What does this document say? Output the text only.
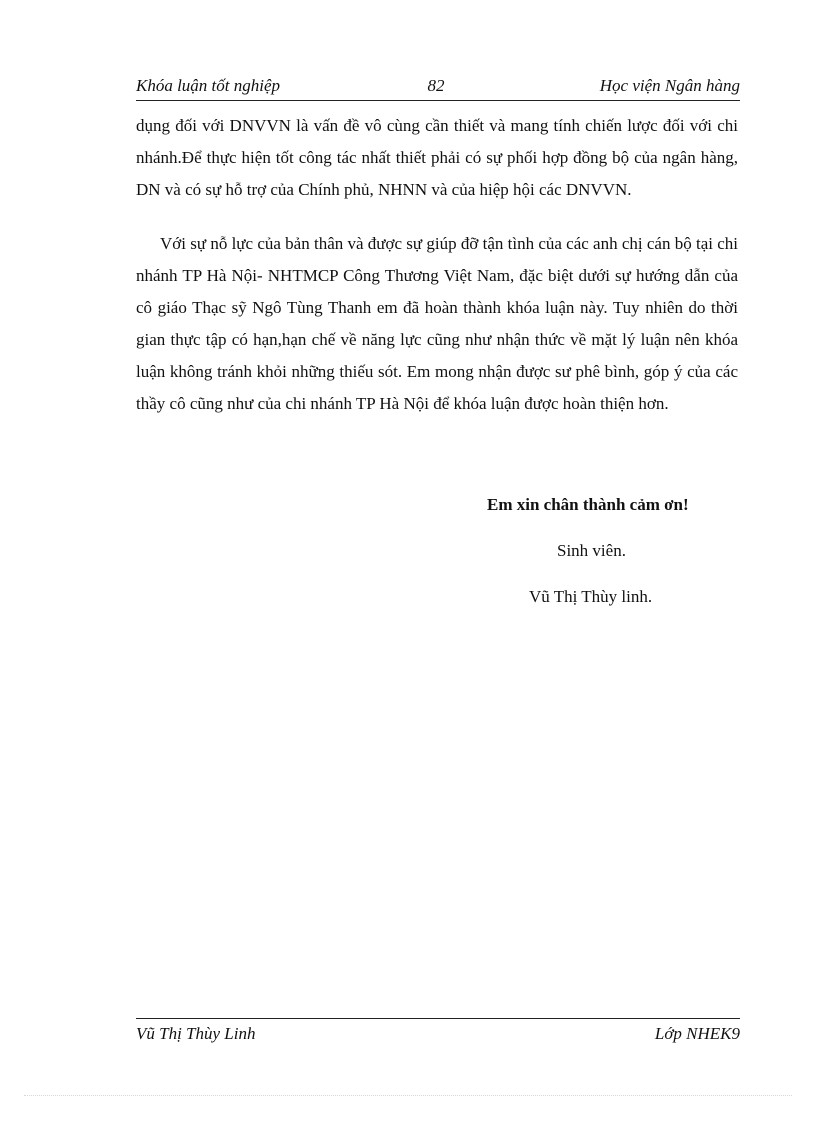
Khóa luận tốt nghiệp	82	Học viện Ngân hàng

dụng đối với DNVVN là vấn đề vô cùng cần thiết và mang tính chiến lược đối với chi nhánh.Để thực hiện tốt công tác nhất thiết phải có sự phối hợp đồng bộ của ngân hàng, DN và có sự hỗ trợ của Chính phủ, NHNN và của hiệp hội các DNVVN.

Với sự nỗ lực của bản thân và được sự giúp đỡ tận tình của các anh chị cán bộ tại chi nhánh TP Hà Nội- NHTMCP Công Thương Việt Nam, đặc biệt dưới sự hướng dẫn của cô giáo Thạc sỹ Ngô Tùng Thanh em đã hoàn thành khóa luận này. Tuy nhiên do thời gian thực tập có hạn,hạn chế về năng lực cũng như nhận thức về mặt lý luận nên khóa luận không tránh khỏi những thiếu sót. Em mong nhận được sư phê bình, góp ý của các thầy cô cũng như của chi nhánh TP Hà Nội để khóa luận được hoàn thiện hơn.

Em xin chân thành cảm ơn!
Sinh viên.
Vũ Thị Thùy linh.
Vũ Thị Thùy Linh	Lớp NHEK9
